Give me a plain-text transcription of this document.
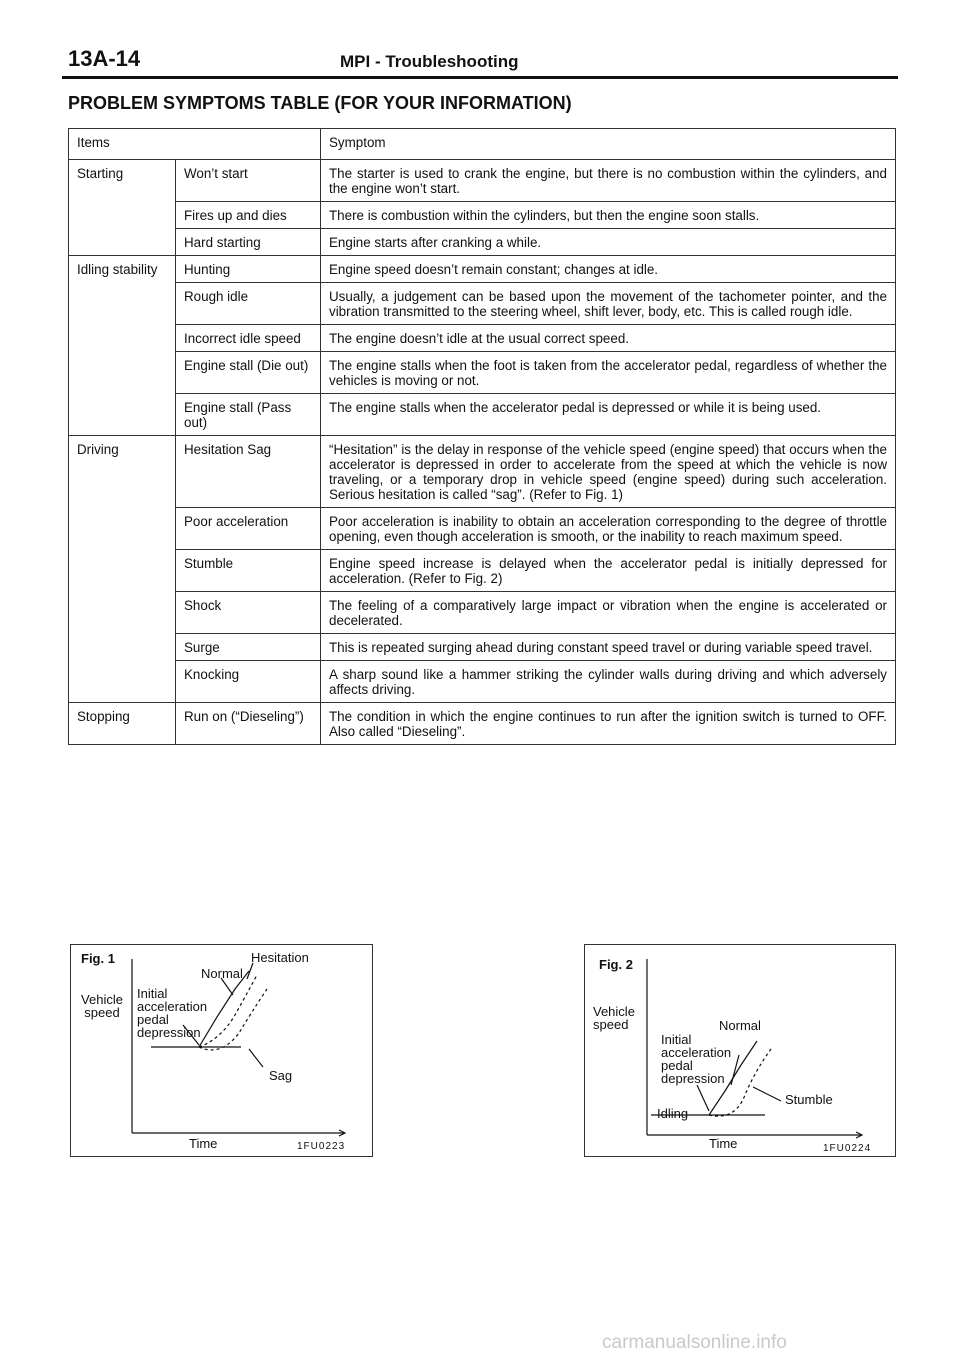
13A-14	MPI - Troubleshooting
PROBLEM SYMPTOMS TABLE (FOR YOUR INFORMATION)
Items		Symptom
Starting	Won’t start	The starter is used to crank the engine, but there is no combustion within the cylinders, and the engine won’t start.
	Fires up and dies	There is combustion within the cylinders, but then the engine soon stalls.
	Hard starting	Engine starts after cranking a while.
Idling stability	Hunting	Engine speed doesn’t remain constant; changes at idle.
	Rough idle	Usually, a judgement can be based upon the movement of the tachometer pointer, and the vibration transmitted to the steering wheel, shift lever, body, etc. This is called rough idle.
	Incorrect idle speed	The engine doesn’t idle at the usual correct speed.
	Engine stall (Die out)	The engine stalls when the foot is taken from the accelerator pedal, regardless of whether the vehicles is moving or not.
	Engine stall (Pass out)	The engine stalls when the accelerator pedal is depressed or while it is being used.
Driving	Hesitation Sag	“Hesitation” is the delay in response of the vehicle speed (engine speed) that occurs when the accelerator is depressed in order to accelerate from the speed at which the vehicle is now traveling, or a temporary drop in vehicle speed (engine speed) during such acceleration. Serious hesitation is called “sag”. (Refer to Fig. 1)
	Poor acceleration	Poor acceleration is inability to obtain an acceleration corresponding to the degree of throttle opening, even though acceleration is smooth, or the inability to reach maximum speed.
	Stumble	Engine speed increase is delayed when the accelerator pedal is initially depressed for acceleration. (Refer to Fig. 2)
	Shock	The feeling of a comparatively large impact or vibration when the engine is accelerated or decelerated.
	Surge	This is repeated surging ahead during constant speed travel or during variable speed travel.
	Knocking	A sharp sound like a hammer striking the cylinder walls during driving and which adversely affects driving.
Stopping	Run on (“Dieseling”)	The condition in which the engine continues to run after the ignition switch is turned to OFF. Also called “Dieseling”.
Fig. 1	Hesitation
Normal
Vehicle speed
Initial acceleration pedal depression
Sag
Time	1FU0223
Fig. 2
Vehicle speed	Normal
Initial acceleration pedal depression
Stumble
Idling
Time	1FU0224
carmanualsonline.info
